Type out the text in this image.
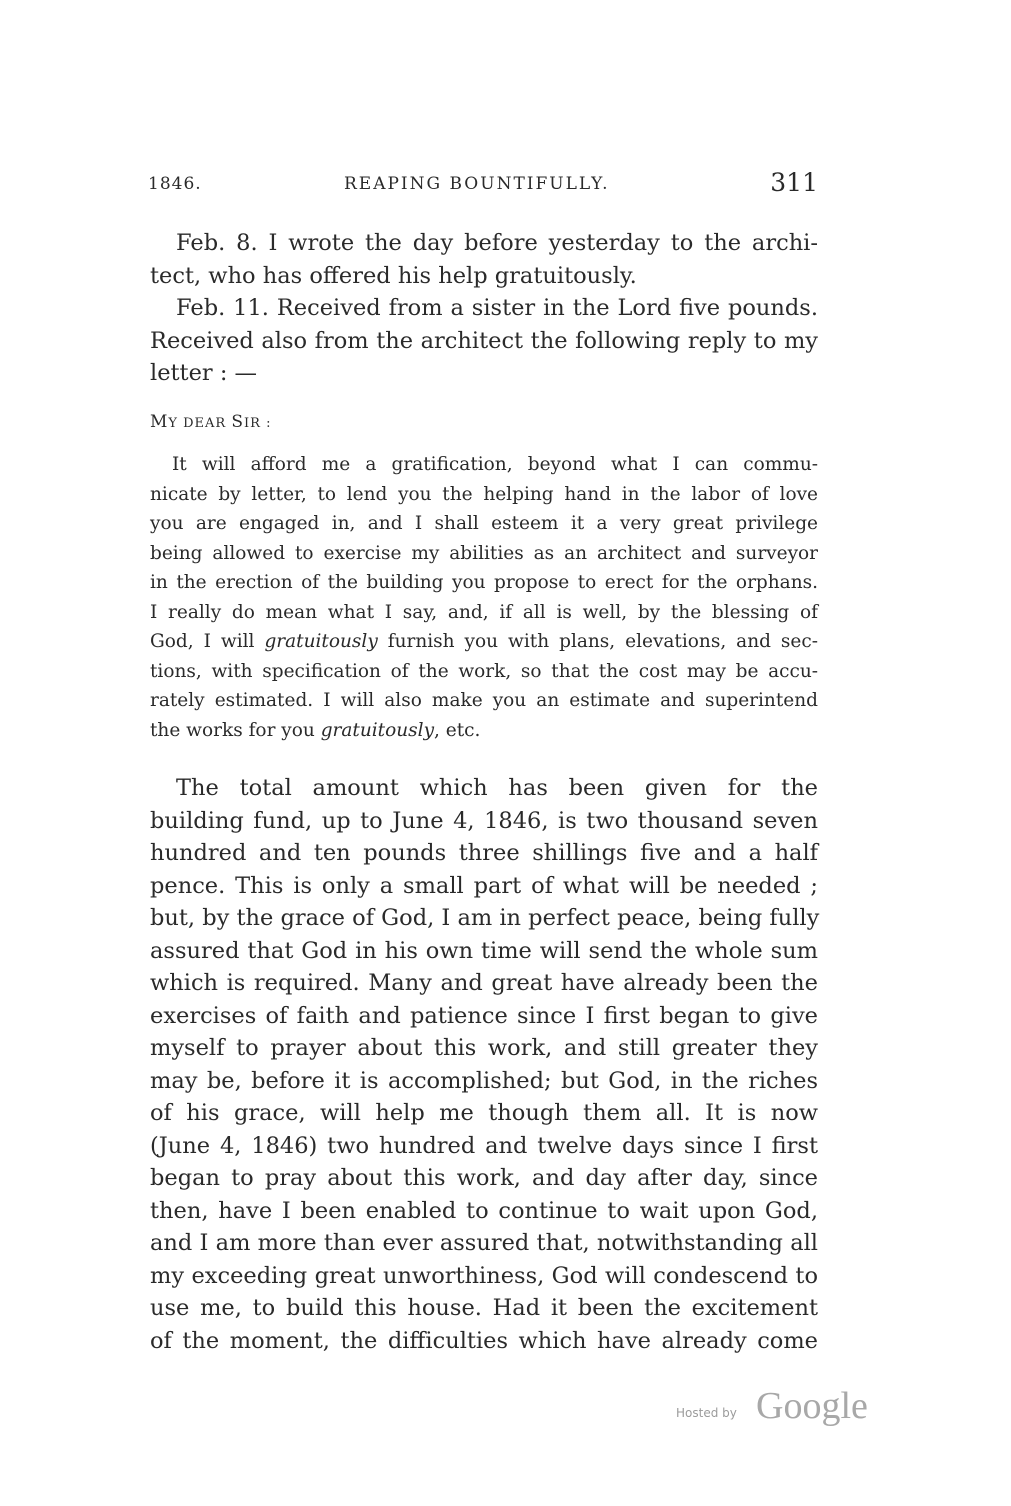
1846.	REAPING BOUNTIFULLY.	311
Feb. 8. I wrote the day before yesterday to the archi-
tect, who has offered his help gratuitously.
Feb. 11. Received from a sister in the Lord five pounds.
Received also from the architect the following reply to my
letter : —
MY DEAR SIR :
It will afford me a gratification, beyond what I can commu-
nicate by letter, to lend you the helping hand in the labor of love
you are engaged in, and I shall esteem it a very great privilege
being allowed to exercise my abilities as an architect and surveyor
in the erection of the building you propose to erect for the orphans.
I really do mean what I say, and, if all is well, by the blessing of
God, I will gratuitously furnish you with plans, elevations, and sec-
tions, with specification of the work, so that the cost may be accu-
rately estimated. I will also make you an estimate and superintend
the works for you gratuitously, etc.
The total amount which has been given for the
building fund, up to June 4, 1846, is two thousand seven
hundred and ten pounds three shillings five and a half
pence. This is only a small part of what will be needed ;
but, by the grace of God, I am in perfect peace, being fully
assured that God in his own time will send the whole sum
which is required. Many and great have already been the
exercises of faith and patience since I first began to give
myself to prayer about this work, and still greater they
may be, before it is accomplished; but God, in the riches
of his grace, will help me though them all. It is now
(June 4, 1846) two hundred and twelve days since I first
began to pray about this work, and day after day, since
then, have I been enabled to continue to wait upon God,
and I am more than ever assured that, notwithstanding all
my exceeding great unworthiness, God will condescend to
use me, to build this house. Had it been the excitement
of the moment, the difficulties which have already come
Hosted by Google
